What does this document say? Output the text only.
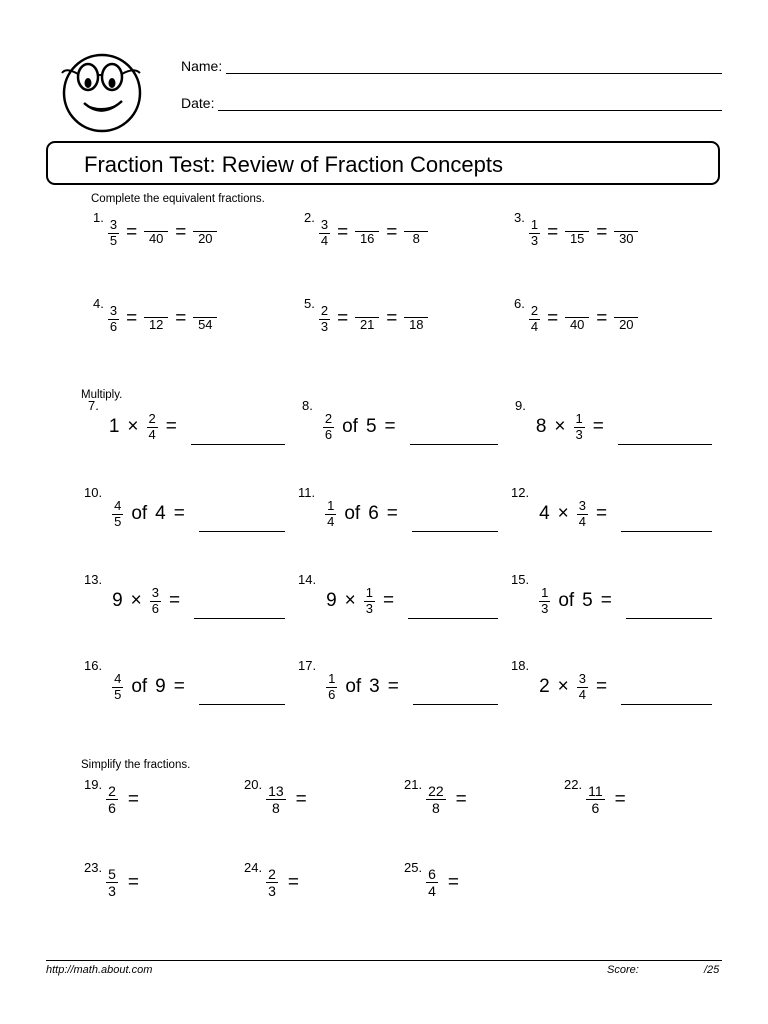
Name:
Date:
Fraction Test: Review of Fraction Concepts
Complete the equivalent fractions.
Multiply.
Simplify the fractions.
1.
$\frac{3}{5} = 40 = 20$
2.
$\frac{3}{4} = 16 = 8$
3.
$\frac{1}{3} = 15 = 30$
4.
$\frac{3}{6} = 12 = 54$
5.
$\frac{2}{3} = 21 = 18$
6.
$\frac{2}{4} = 40 = 20$
7.
$1 \times \frac{2}{4}$ =
8.
$\frac{2}{6}$ of 5 =
9.
$8 \times \frac{1}{3}$ =
10.
$\frac{4}{5}$ of 4 =
11.
$\frac{1}{4}$ of 6 =
12.
$4 \times \frac{3}{4}$ =
13.
$9 \times \frac{3}{6}$ =
14.
$9 \times \frac{1}{3}$ =
15.
$\frac{1}{3}$ of 5 =
16.
$\frac{4}{5}$ of 9 =
17.
$\frac{1}{6}$ of 3 =
18.
$2 \times \frac{3}{4}$ =
19. $\frac{2}{6}$ =
20. $\frac{13}{8}$ =
21. $\frac{22}{8}$ =
22. $\frac{11}{6}$ =
23. $\frac{5}{3}$ =
24. $\frac{2}{3}$ =
25. $\frac{6}{4}$ =
http://math.about.com	Score:	/25
